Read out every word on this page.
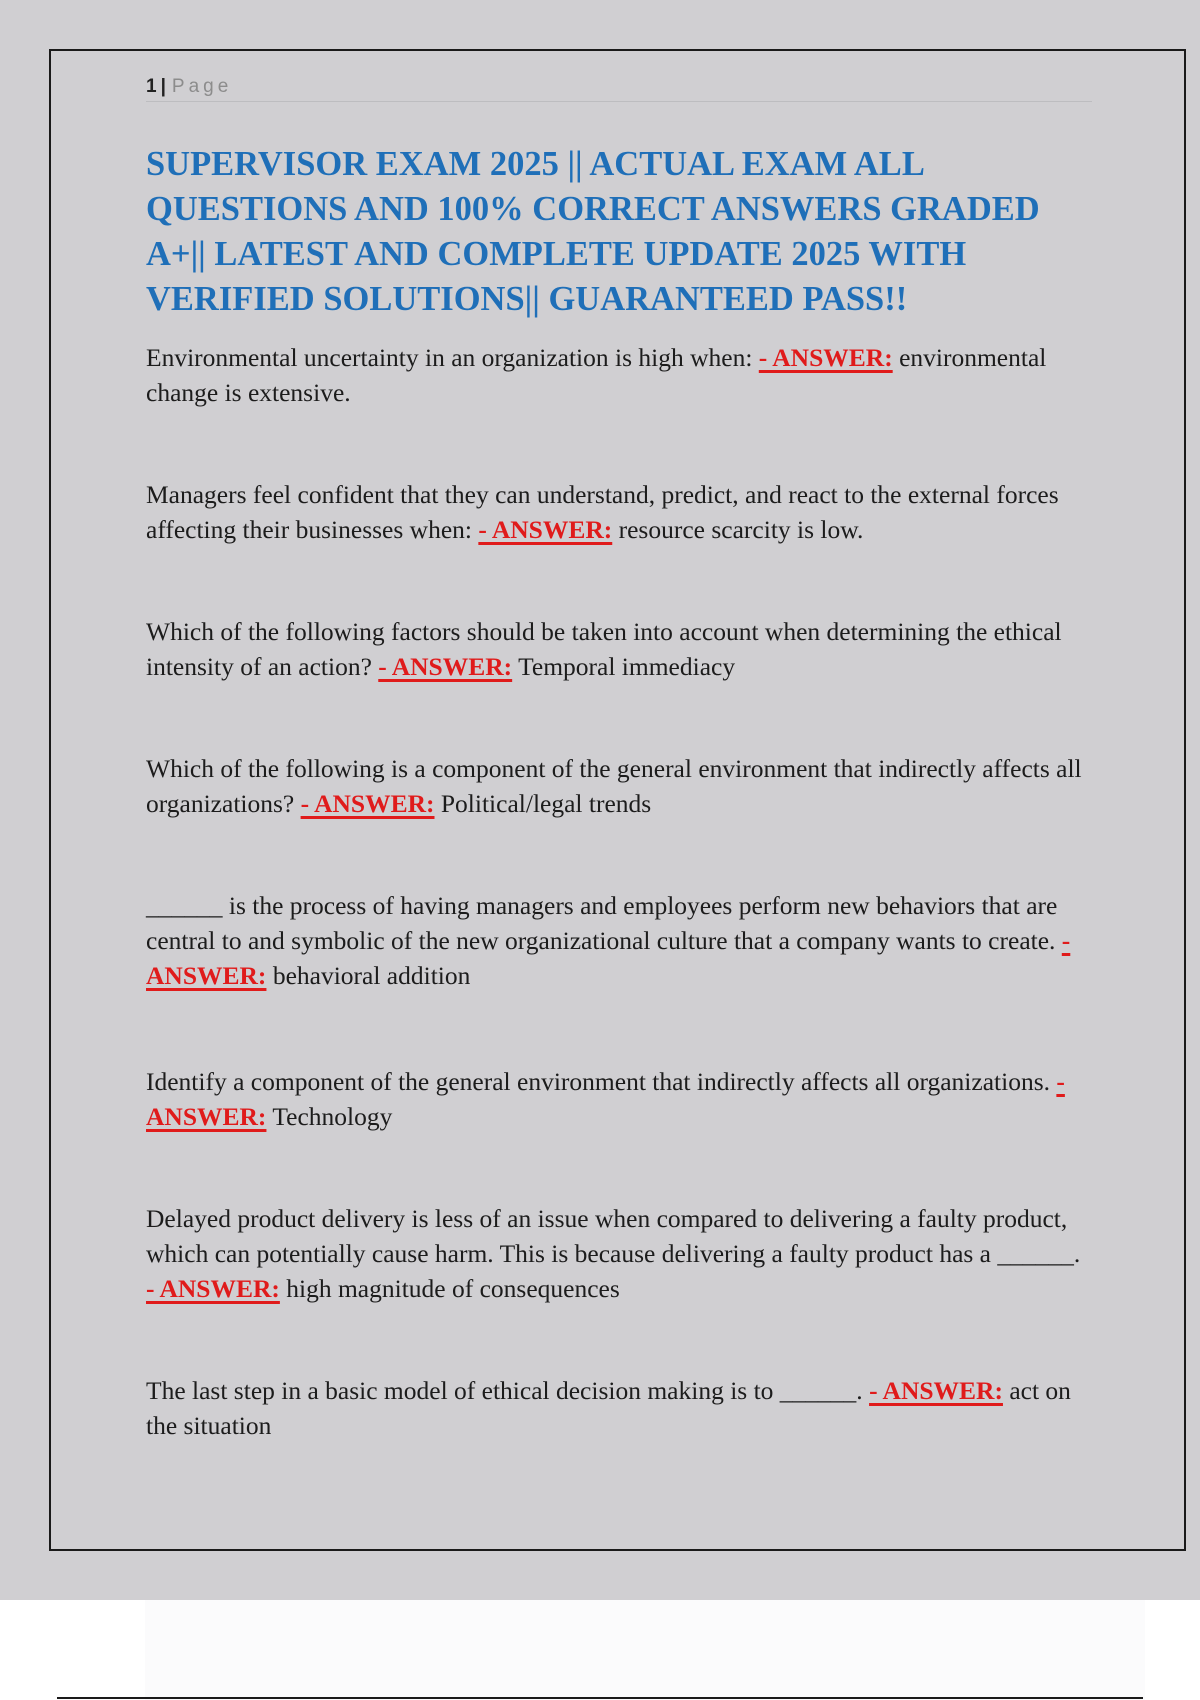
1 | Page
SUPERVISOR EXAM 2025 || ACTUAL EXAM ALL QUESTIONS AND 100% CORRECT ANSWERS GRADED A+|| LATEST AND COMPLETE UPDATE 2025 WITH VERIFIED SOLUTIONS|| GUARANTEED PASS!!

Environmental uncertainty in an organization is high when: - ANSWER: environmental change is extensive.

Managers feel confident that they can understand, predict, and react to the external forces affecting their businesses when: - ANSWER: resource scarcity is low.

Which of the following factors should be taken into account when determining the ethical intensity of an action? - ANSWER: Temporal immediacy

Which of the following is a component of the general environment that indirectly affects all organizations? - ANSWER: Political/legal trends

______ is the process of having managers and employees perform new behaviors that are central to and symbolic of the new organizational culture that a company wants to create. - ANSWER: behavioral addition

Identify a component of the general environment that indirectly affects all organizations. - ANSWER: Technology

Delayed product delivery is less of an issue when compared to delivering a faulty product, which can potentially cause harm. This is because delivering a faulty product has a ______. - ANSWER: high magnitude of consequences

The last step in a basic model of ethical decision making is to ______. - ANSWER: act on the situation
